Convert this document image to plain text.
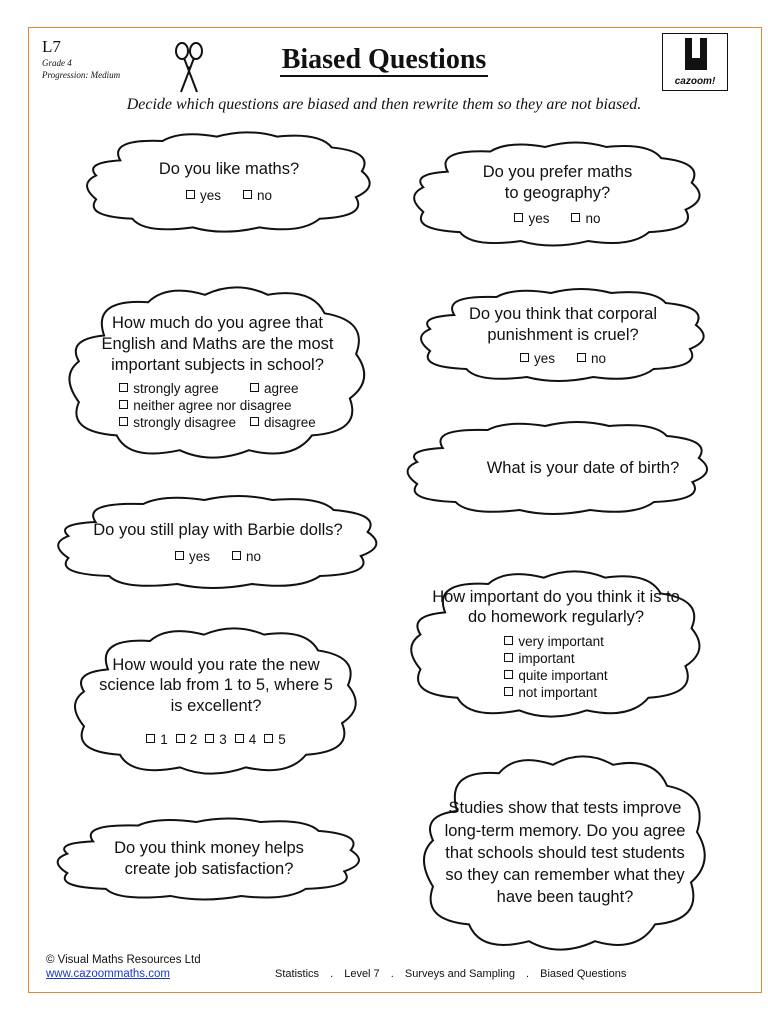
L7
Grade 4
Progression: Medium	Biased Questions
cazoom!
Decide which questions are biased and then rewrite them so they are not biased.
Do you like maths?
yes	no
Do you prefer maths to geography?
yes	no
How much do you agree that English and Maths are the most important subjects in school?
strongly agree	agree
neither agree nor disagree
strongly disagree	disagree
Do you think that corporal punishment is cruel?
yes	no
What is your date of birth?
Do you still play with Barbie dolls?
yes	no
How important do you think it is to do homework regularly?
very important
important
quite important
not important
How would you rate the new science lab from 1 to 5, where 5 is excellent?
1	2	3	4	5
Studies show that tests improve long-term memory. Do you agree that schools should test students so they can remember what they have been taught?
Do you think money helps create job satisfaction?
© Visual Maths Resources Ltd
www.cazoommaths.com	Statistics . Level 7 . Surveys and Sampling . Biased Questions
